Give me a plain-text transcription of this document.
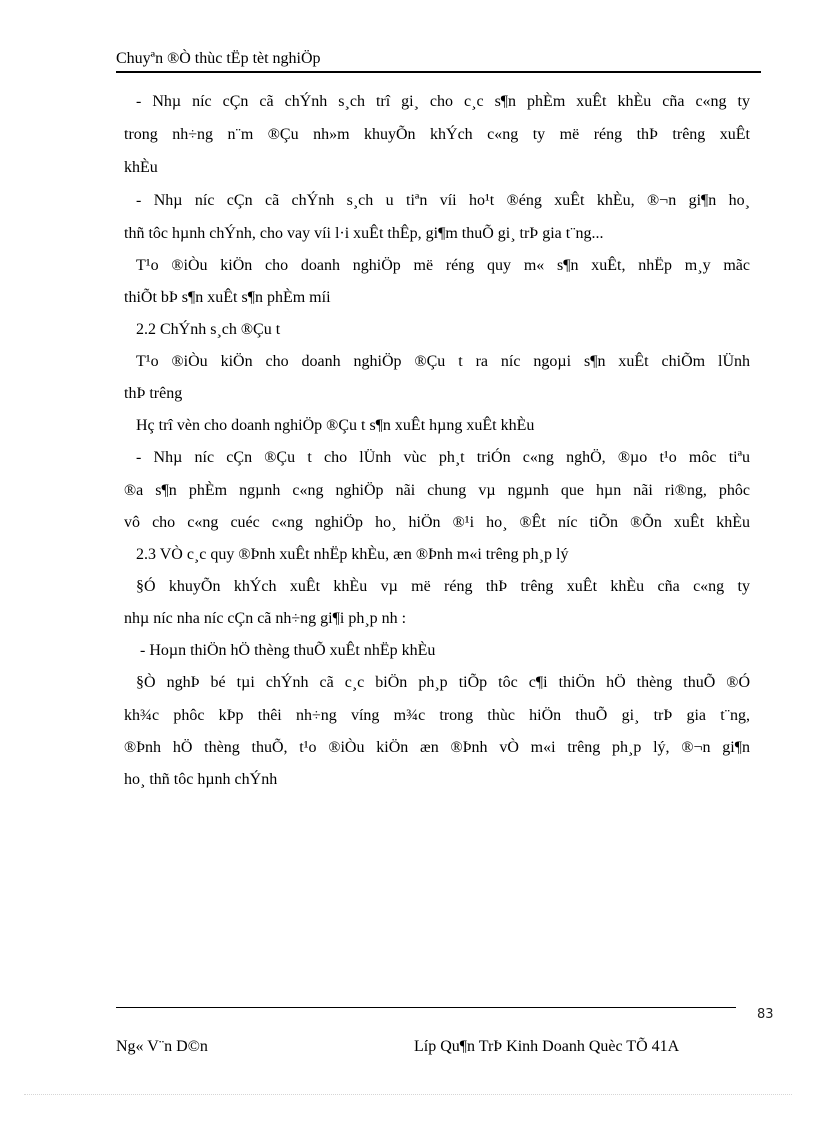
Chuyªn ®Ò thùc tËp tèt nghiÖp
- Nhµ níc cÇn cã chÝnh s¸ch trî gi¸ cho c¸c s¶n phÈm xuÊt khÈu cña c«ng ty
trong nh÷ng n¨m ®Çu nh»m khuyÕn khÝch c«ng ty më réng thÞ trêng xuÊt
khÈu
- Nhµ níc cÇn cã chÝnh s¸ch u tiªn víi ho¹t ®éng xuÊt khÈu, ®¬n gi¶n ho¸
thñ tôc hµnh chÝnh, cho vay víi l·i xuÊt thÊp, gi¶m thuÕ gi¸ trÞ gia t¨ng...
T¹o ®iÒu kiÖn cho doanh nghiÖp më réng quy m« s¶n xuÊt, nhËp m¸y mãc
thiÕt bÞ s¶n xuÊt s¶n phÈm míi
2.2 ChÝnh s¸ch ®Çu t
T¹o ®iÒu kiÖn cho doanh nghiÖp ®Çu t ra níc ngoµi s¶n xuÊt chiÕm lÜnh
thÞ trêng
Hç trî vèn cho doanh nghiÖp ®Çu t s¶n xuÊt hµng xuÊt khÈu
- Nhµ níc cÇn ®Çu t cho lÜnh vùc ph¸t triÓn c«ng nghÖ, ®µo t¹o môc tiªu
®a s¶n phÈm ngµnh c«ng nghiÖp nãi chung vµ ngµnh que hµn nãi ri®ng, phôc
vô cho c«ng cuéc c«ng nghiÖp ho¸ hiÖn ®¹i ho¸ ®Êt níc tiÕn ®Õn xuÊt khÈu
2.3 VÒ c¸c quy ®Þnh xuÊt nhËp khÈu, æn ®Þnh m«i trêng ph¸p lý
§Ó khuyÕn khÝch xuÊt khÈu vµ më réng thÞ trêng xuÊt khÈu cña c«ng ty
nhµ níc nha níc cÇn cã nh÷ng gi¶i ph¸p nh :
- Hoµn thiÖn hÖ thèng thuÕ xuÊt nhËp khÈu
§Ò nghÞ bé tµi chÝnh cã c¸c biÖn ph¸p tiÕp tôc c¶i thiÖn hÖ thèng thuÕ ®Ó
kh¾c phôc kÞp thêi nh÷ng víng m¾c trong thùc hiÖn thuÕ gi¸ trÞ gia t¨ng,
®Þnh hÖ thèng thuÕ, t¹o ®iÒu kiÖn æn ®Þnh vÒ m«i trêng ph¸p lý, ®¬n gi¶n
ho¸ thñ tôc hµnh chÝnh
83
Ng« V¨n D©n	Líp Qu¶n TrÞ Kinh Doanh Quèc TÕ 41A
